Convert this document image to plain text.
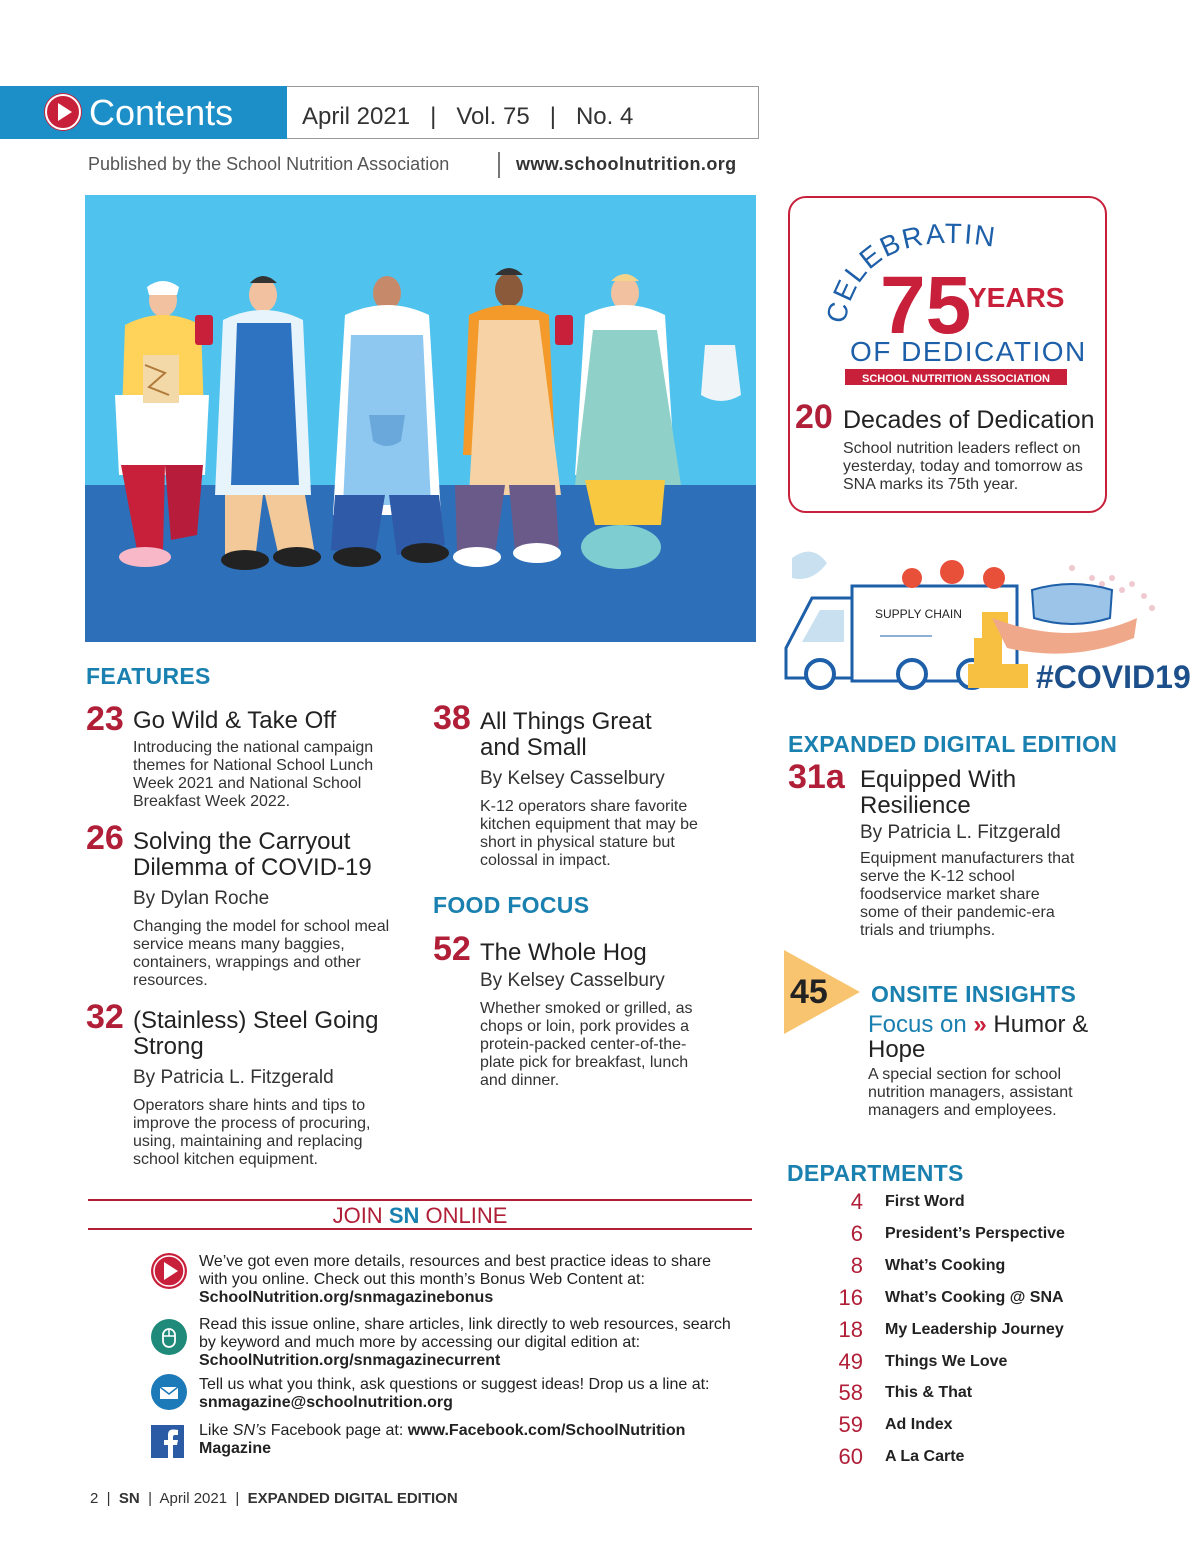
Contents	April 2021   |   Vol. 75   |   No. 4
Published by the School Nutrition Association	www.schoolnutrition.org
CELEBRATIN
75
YEARS
OF DEDICATION
SCHOOL NUTRITION ASSOCIATION
20 Decades of Dedication
School nutrition leaders reflect on yesterday, today and tomorrow as SNA marks its 75th year.
SUPPLY CHAIN
#COVID19
FEATURES
23 Go Wild & Take Off
Introducing the national campaign themes for National School Lunch Week 2021 and National School Breakfast Week 2022.
26 Solving the Carryout Dilemma of COVID-19
By Dylan Roche
Changing the model for school meal service means many baggies, containers, wrappings and other resources.
32 (Stainless) Steel Going Strong
By Patricia L. Fitzgerald
Operators share hints and tips to improve the process of procuring, using, maintaining and replacing school kitchen equipment.
38 All Things Great and Small
By Kelsey Casselbury
K-12 operators share favorite kitchen equipment that may be short in physical stature but colossal in impact.
FOOD FOCUS
52 The Whole Hog
By Kelsey Casselbury
Whether smoked or grilled, as chops or loin, pork provides a protein-packed center-of-the-plate pick for breakfast, lunch and dinner.
EXPANDED DIGITAL EDITION
31a Equipped With Resilience
By Patricia L. Fitzgerald
Equipment manufacturers that serve the K-12 school foodservice market share some of their pandemic-era trials and triumphs.
45 ONSITE INSIGHTS
Focus on » Humor & Hope
A special section for school nutrition managers, assistant managers and employees.
DEPARTMENTS
4 First Word
6 President’s Perspective
8 What’s Cooking
16 What’s Cooking @ SNA
18 My Leadership Journey
49 Things We Love
58 This & That
59 Ad Index
60 A La Carte
JOIN SN ONLINE
We’ve got even more details, resources and best practice ideas to share with you online. Check out this month’s Bonus Web Content at:
SchoolNutrition.org/snmagazinebonus
Read this issue online, share articles, link directly to web resources, search by keyword and much more by accessing our digital edition at:
SchoolNutrition.org/snmagazinecurrent
Tell us what you think, ask questions or suggest ideas! Drop us a line at:
snmagazine@schoolnutrition.org
Like SN’s Facebook page at: www.Facebook.com/SchoolNutrition
Magazine
2  |  SN  |  April 2021  |  EXPANDED DIGITAL EDITION
